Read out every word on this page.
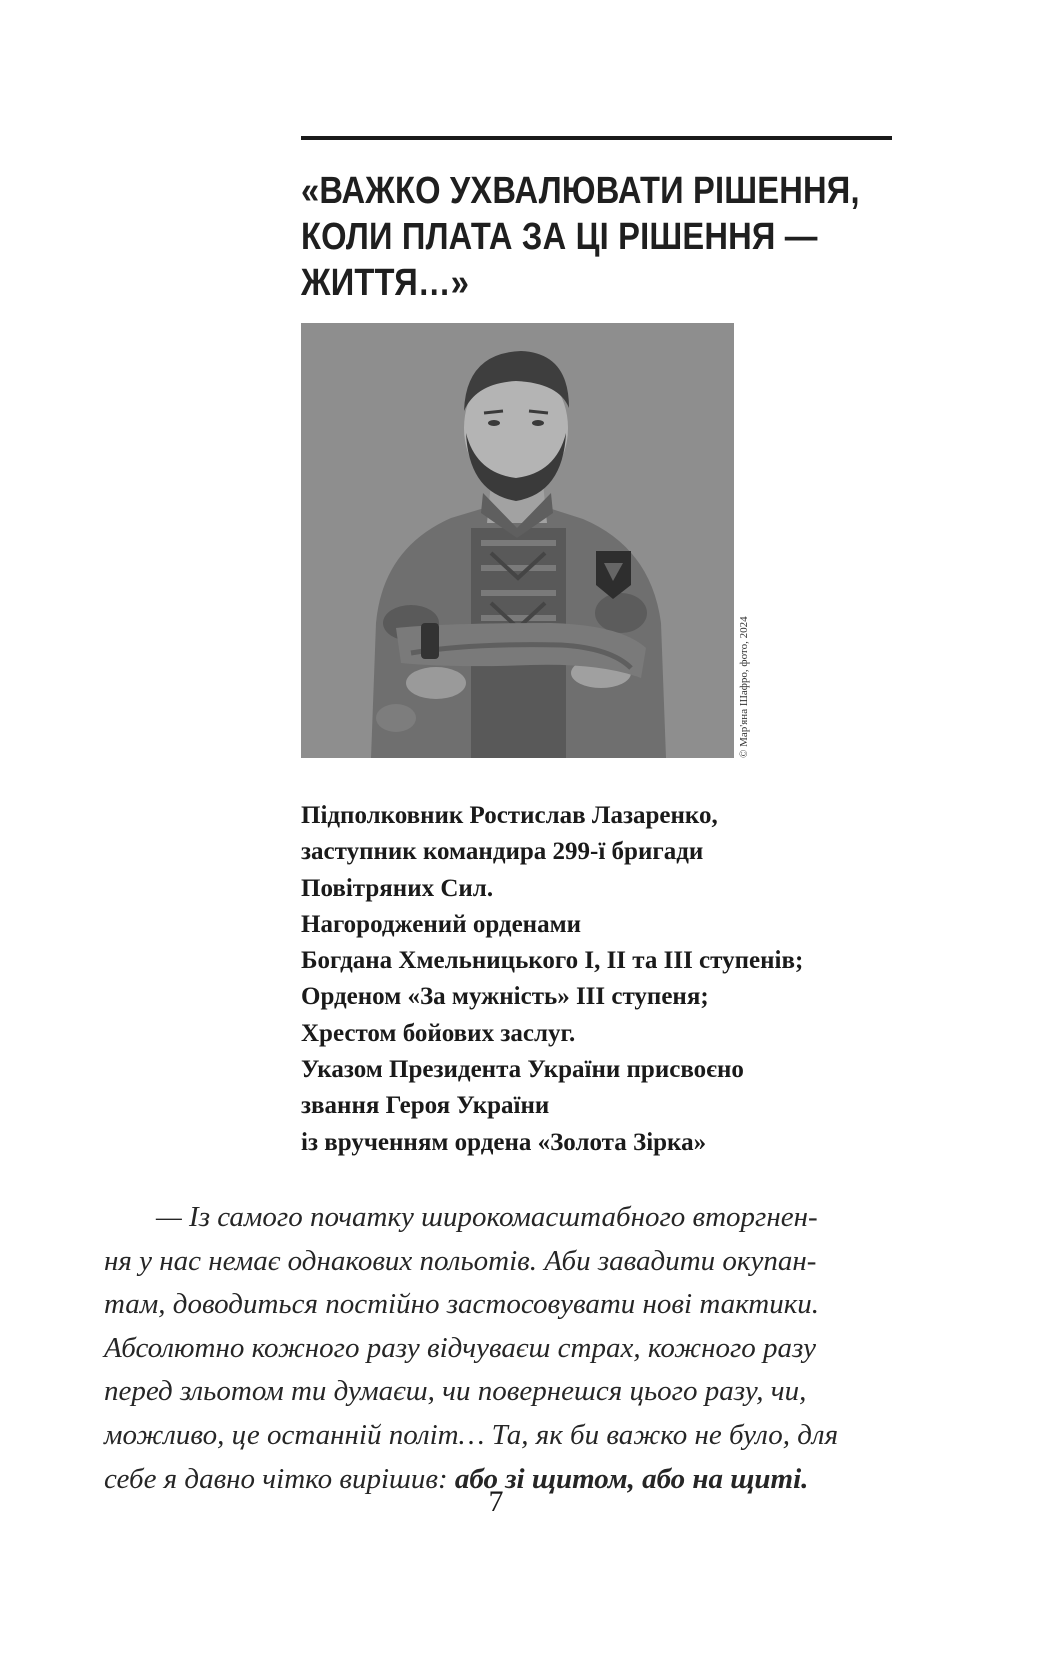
«ВАЖКО УХВАЛЮВАТИ РІШЕННЯ,
КОЛИ ПЛАТА ЗА ЦІ РІШЕННЯ —
ЖИТТЯ…»
© Мар'яна Шафро, фото, 2024
Підполковник Ростислав Лазаренко,
заступник командира 299-ї бригади
Повітряних Сил.
Нагороджений орденами
Богдана Хмельницького I, II та III ступенів;
Орденом «За мужність» III ступеня;
Хрестом бойових заслуг.
Указом Президента України присвоєно
звання Героя України
із врученням ордена «Золота Зірка»
— Із самого початку широкомасштабного вторгнен-
ня у нас немає однакових польотів. Аби завадити окупан-
там, доводиться постійно застосовувати нові тактики.
Абсолютно кожного разу відчуваєш страх, кожного разу
перед зльотом ти думаєш, чи повернешся цього разу, чи,
можливо, це останній політ… Та, як би важко не було, для
себе я давно чітко вирішив: або зі щитом, або на щиті.
7
